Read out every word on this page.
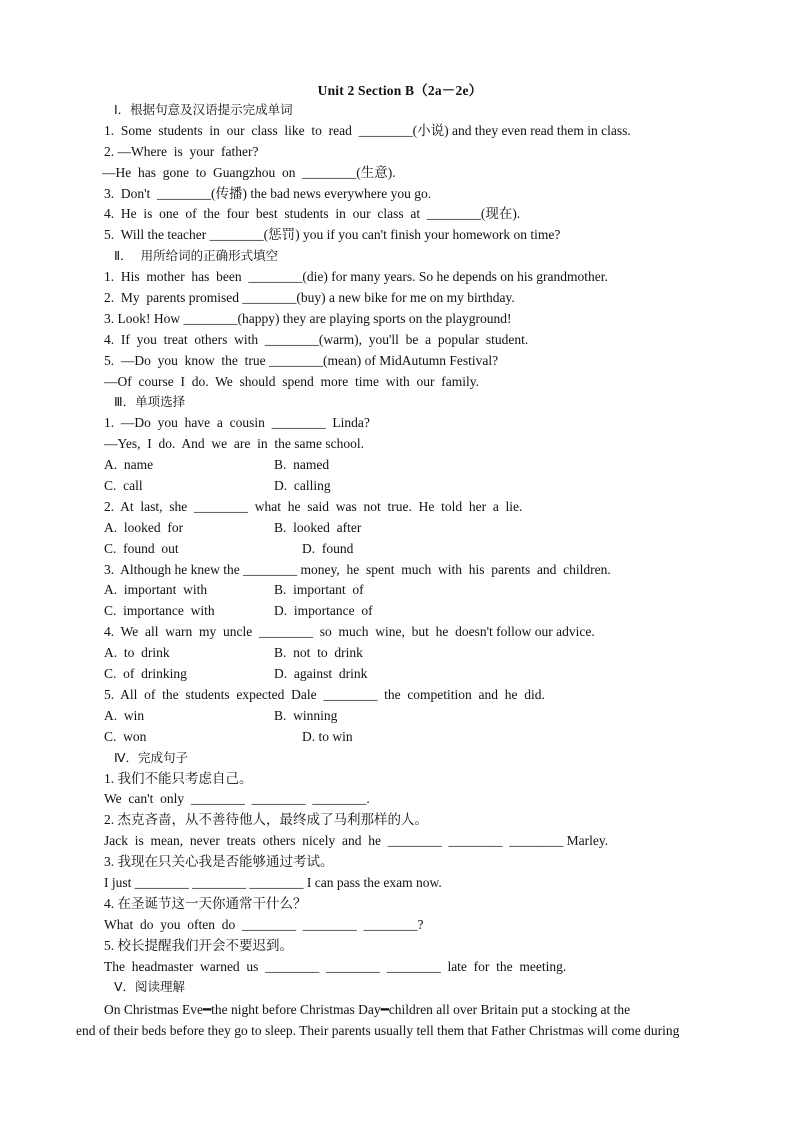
Unit 2 Section B（2a－2e）
Ⅰ．根据句意及汉语提示完成单词
1.  Some  students  in  our  class  like  to  read  ________(小说) and they even read them in class.
2. —Where  is  your  father?
—He  has  gone  to  Guangzhou  on  ________(生意).
3.  Don't  ________(传播) the bad news everywhere you go.
4.  He  is  one  of  the  four  best  students  in  our  class  at  ________(现在).
5.  Will the teacher ________(惩罚) you if you can't finish your homework on time?
Ⅱ．  用所给词的正确形式填空
1.  His  mother  has  been  ________(die) for many years. So he depends on his grandmother.
2.  My  parents promised ________(buy) a new bike for me on my birthday.
3. Look! How ________(happy) they are playing sports on the playground!
4.  If  you  treat  others  with  ________(warm),  you'll  be  a  popular  student.
5.  —Do  you  know  the  true ________(mean) of MidAutumn Festival?
—Of  course  I  do.  We  should  spend  more  time  with  our  family.
Ⅲ．单项选择
1.  —Do  you  have  a  cousin  ________  Linda?
—Yes,  I  do.  And  we  are  in  the same school.
A.  name	B.  named
C.  call	D.  calling
2.  At  last,  she  ________  what  he  said  was  not  true.  He  told  her  a  lie.
A.  looked  for	B.  looked  after
C.  found  out	D.  found
3.  Although he knew the ________ money,  he  spent  much  with  his  parents  and  children.
A.  important  with	B.  important  of
C.  importance  with	D.  importance  of
4.  We  all  warn  my  uncle  ________  so  much  wine,  but  he  doesn't follow our advice.
A.  to  drink	B.  not  to  drink
C.  of  drinking	D.  against  drink
5.  All  of  the  students  expected  Dale  ________  the  competition  and  he  did.
A.  win	B.  winning
C.  won	D. to win
Ⅳ．完成句子
1. 我们不能只考虑自己。
We  can't  only  ________  ________  ________.
2. 杰克吝啬，从不善待他人，最终成了马利那样的人。
Jack  is  mean,  never  treats  others  nicely  and  he  ________  ________  ________ Marley.
3. 我现在只关心我是否能够通过考试。
I just ________ ________ ________ I can pass the exam now.
4. 在圣诞节这一天你通常干什么？
What  do  you  often  do  ________  ________  ________?
5. 校长提醒我们开会不要迟到。
The  headmaster  warned  us  ________  ________  ________  late  for  the  meeting.
Ⅴ．阅读理解
On Christmas Eve━the night before Christmas Day━children all over Britain put a stocking at the
end of their beds before they go to sleep. Their parents usually tell them that Father Christmas will come during
